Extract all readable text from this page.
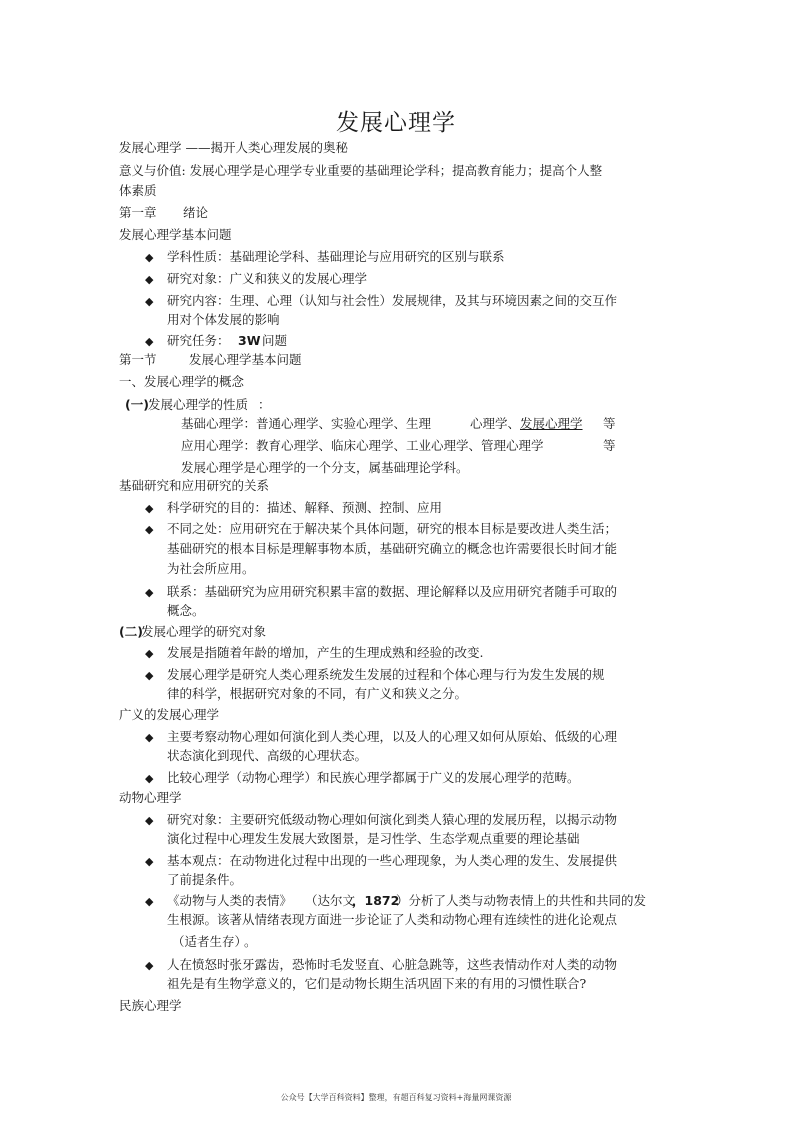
发展心理学
发展心理学 ——揭开人类心理发展的奥秘
意义与价值: 发展心理学是心理学专业重要的基础理论学科；提高教育能力；提高个人整
体素质
第一章 绪论
发展心理学基本问题
◆ 学科性质：基础理论学科、基础理论与应用研究的区别与联系
◆ 研究对象：广义和狭义的发展心理学
◆ 研究内容：生理、心理（认知与社会性）发展规律，及其与环境因素之间的交互作
用对个体发展的影响
◆ 研究任务： 3W 问题
第一节	发展心理学基本问题
一、发展心理学的概念
(一) 发展心理学的性质 ：
基础心理学：普通心理学、实验心理学、生理	心理学、 发展心理学 等
应用心理学：教育心理学、临床心理学、工业心理学、管理心理学	等
发展心理学是心理学的一个分支，属基础理论学科。
基础研究和应用研究的关系
◆ 科学研究的目的：描述、解释、预测、控制、应用
◆ 不同之处：应用研究在于解决某个具体问题，研究的根本目标是要改进人类生活；
基础研究的根本目标是理解事物本质，基础研究确立的概念也许需要很长时间才能
为社会所应用。
◆ 联系：基础研究为应用研究积累丰富的数据、理论解释以及应用研究者随手可取的
概念。
(二)
发展心理学的研究对象
◆ 发展是指随着年龄的增加，产生的生理成熟和经验的改变.
◆ 发展心理学是研究人类心理系统发生发展的过程和个体心理与行为发生发展的规
律的科学，根据研究对象的不同，有广义和狭义之分。
广义的发展心理学
◆ 主要考察动物心理如何演化到人类心理，以及人的心理又如何从原始、低级的心理
状态演化到现代、高级的心理状态。
◆ 比较心理学（动物心理学）和民族心理学都属于广义的发展心理学的范畴。
动物心理学
◆ 研究对象：主要研究低级动物心理如何演化到类人猿心理的发展历程，以揭示动物
演化过程中心理发生发展大致图景，是习性学、生态学观点重要的理论基础
◆ 基本观点：在动物进化过程中出现的一些心理现象，为人类心理的发生、发展提供
了前提条件。
◆ 《动物与人类的表情》 （达尔文
，1872
）分析了人类与动物表情上的共性和共同的发
生根源。该著从情绪表现方面进一步论证了人类和动物心理有连续性的进化论观点
（适者生存）
。
◆ 人在愤怒时张牙露齿，恐怖时毛发竖直、心脏急跳等，这些表情动作对人类的动物
祖先是有生物学意义的，它们是动物长期生活巩固下来的有用的习惯性联合?
民族心理学
公众号【大学百科资料】整理，有超百科复习资料+海量网课资源
